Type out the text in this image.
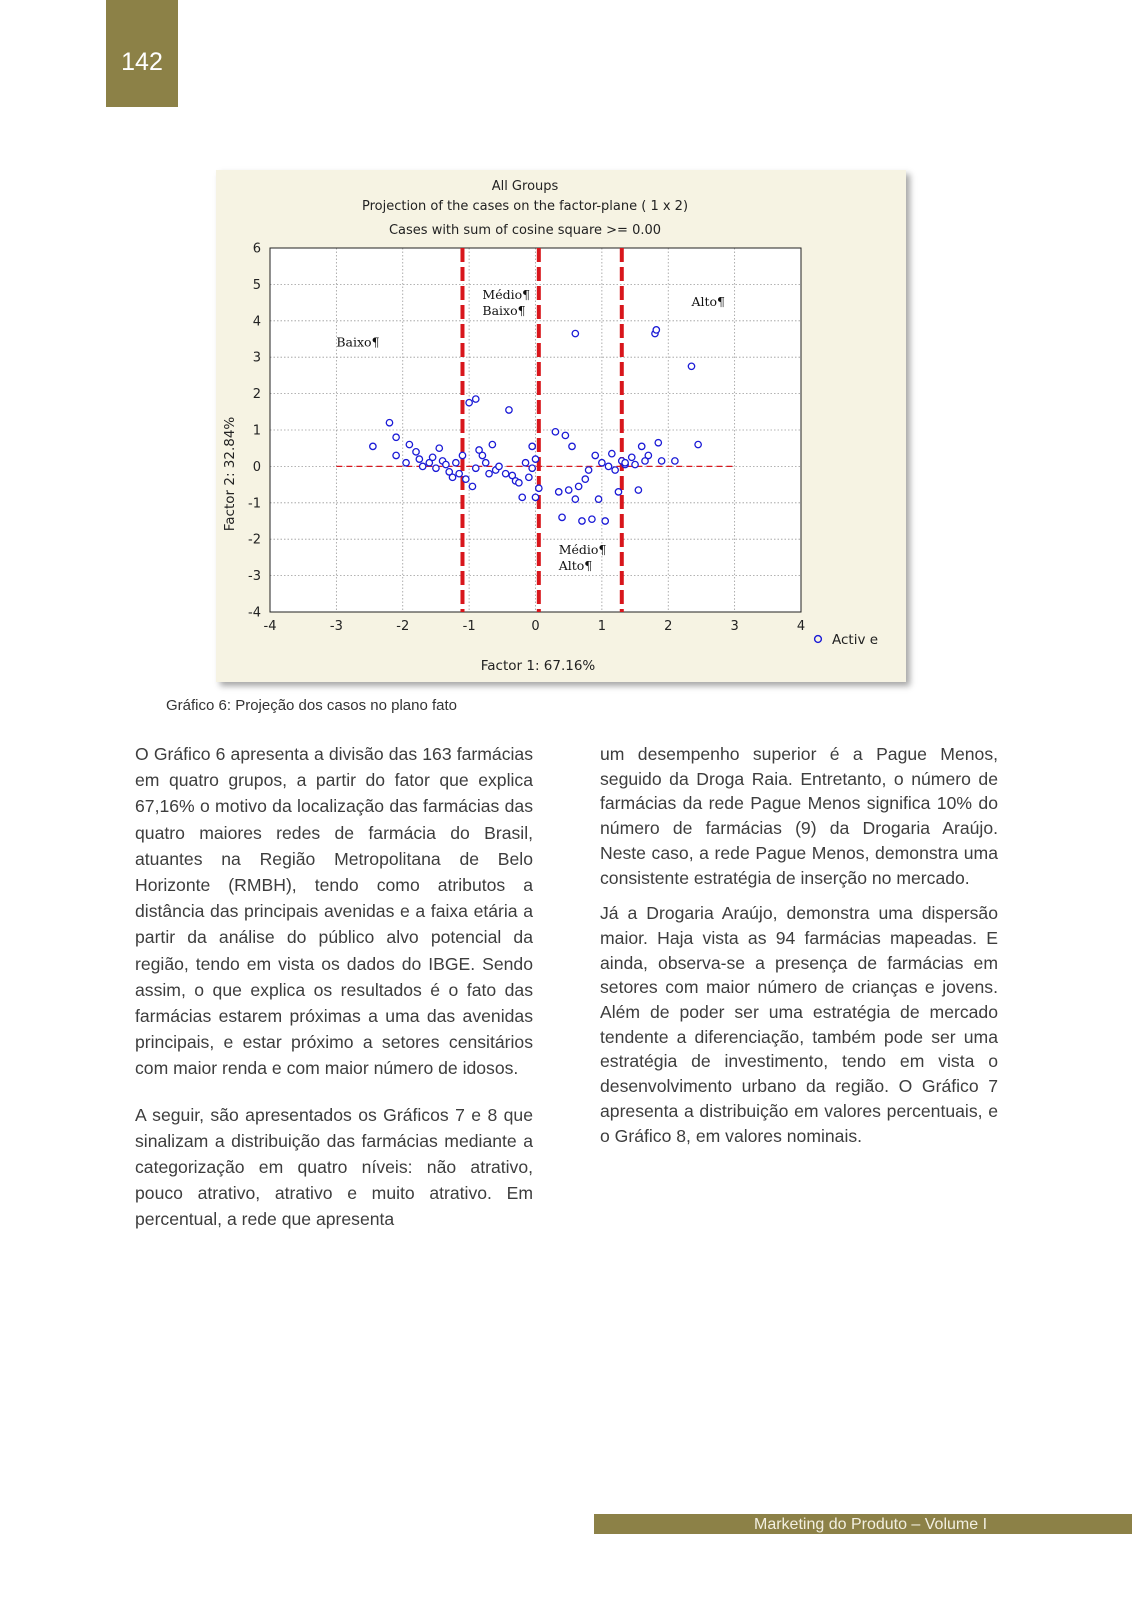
142
-4	-3	-2	-1	0	1	2	3	4
-4
-3
-2
-1
0
1
2
3
4
5
6
Baixo¶
Médio¶
Baixo¶
Alto¶
Médio¶
Alto¶
All Groups
Projection of the cases on the factor-plane ( 1 x 2)
Cases with sum of cosine square >= 0.00
Factor 1: 67.16%
Factor 2: 32.84%
Activ e
Gráfico 6: Projeção dos casos no plano fato

O Gráfico 6 apresenta a divisão das 163 farmácias em quatro grupos, a partir do fator que explica 67,16% o motivo da localização das farmácias das quatro maiores redes de farmácia do Brasil, atuantes na Região Metropolitana de Belo Horizonte (RMBH), tendo como atributos a distância das principais avenidas e a faixa etária a partir da análise do público alvo potencial da região, tendo em vista os dados do IBGE. Sendo assim, o que explica os resultados é o fato das farmácias estarem próximas a uma das avenidas principais, e estar próximo a setores censitários com maior renda e com maior número de idosos.

A seguir, são apresentados os Gráficos 7 e 8 que sinalizam a distribuição das farmácias mediante a categorização em quatro níveis: não atrativo, pouco atrativo, atrativo e muito atrativo. Em percentual, a rede que apresenta

um desempenho superior é a Pague Menos, seguido da Droga Raia. Entretanto, o número de farmácias da rede Pague Menos significa 10% do número de farmácias (9) da Drogaria Araújo. Neste caso, a rede Pague Menos, demonstra uma consistente estratégia de inserção no mercado.

Já a Drogaria Araújo, demonstra uma dispersão maior. Haja vista as 94 farmácias mapeadas. E ainda, observa-se a presença de farmácias em setores com maior número de crianças e jovens. Além de poder ser uma estratégia de mercado tendente a diferenciação, também pode ser uma estratégia de investimento, tendo em vista o desenvolvimento urbano da região. O Gráfico 7 apresenta a distribuição em valores percentuais, e o Gráfico 8, em valores nominais.

Marketing do Produto – Volume I
